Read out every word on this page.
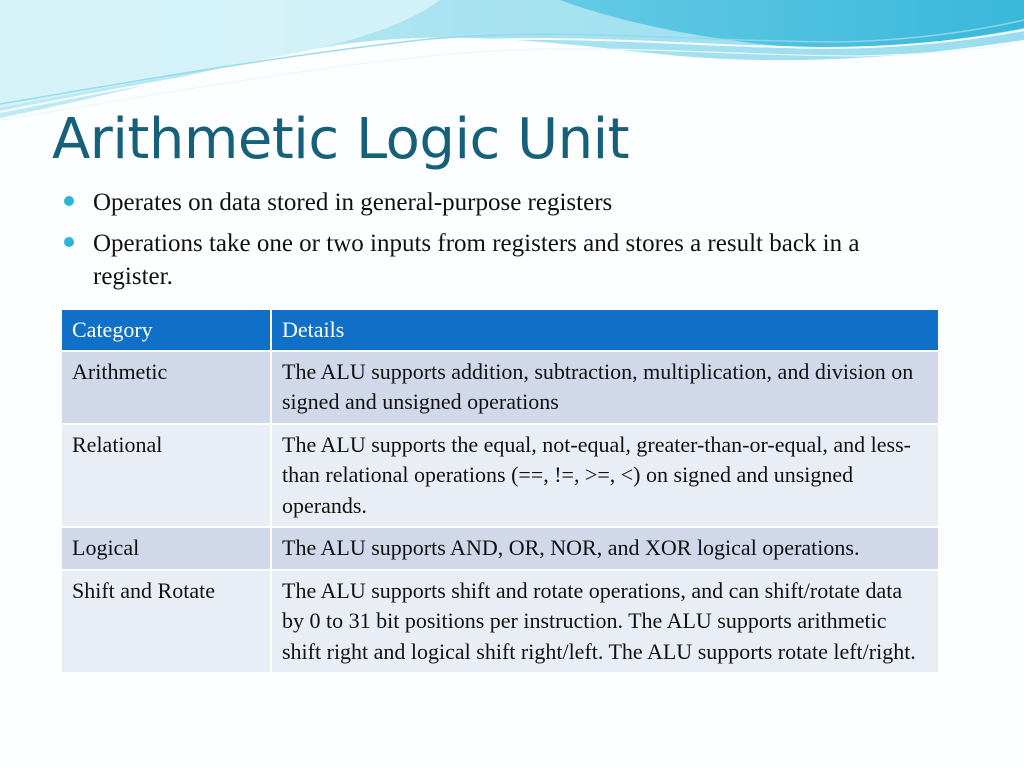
Arithmetic Logic Unit
Operates on data stored in general-purpose registers
Operations take one or two inputs from registers and stores a result back in a register.
Category	Details
Arithmetic	The ALU supports addition, subtraction, multiplication, and division on signed and unsigned operations
Relational	The ALU supports the equal, not-equal, greater-than-or-equal, and less-than relational operations (==, !=, >=, <) on signed and unsigned operands.
Logical	The ALU supports AND, OR, NOR, and XOR logical operations.
Shift and Rotate	The ALU supports shift and rotate operations, and can shift/rotate data by 0 to 31 bit positions per instruction. The ALU supports arithmetic shift right and logical shift right/left. The ALU supports rotate left/right.
